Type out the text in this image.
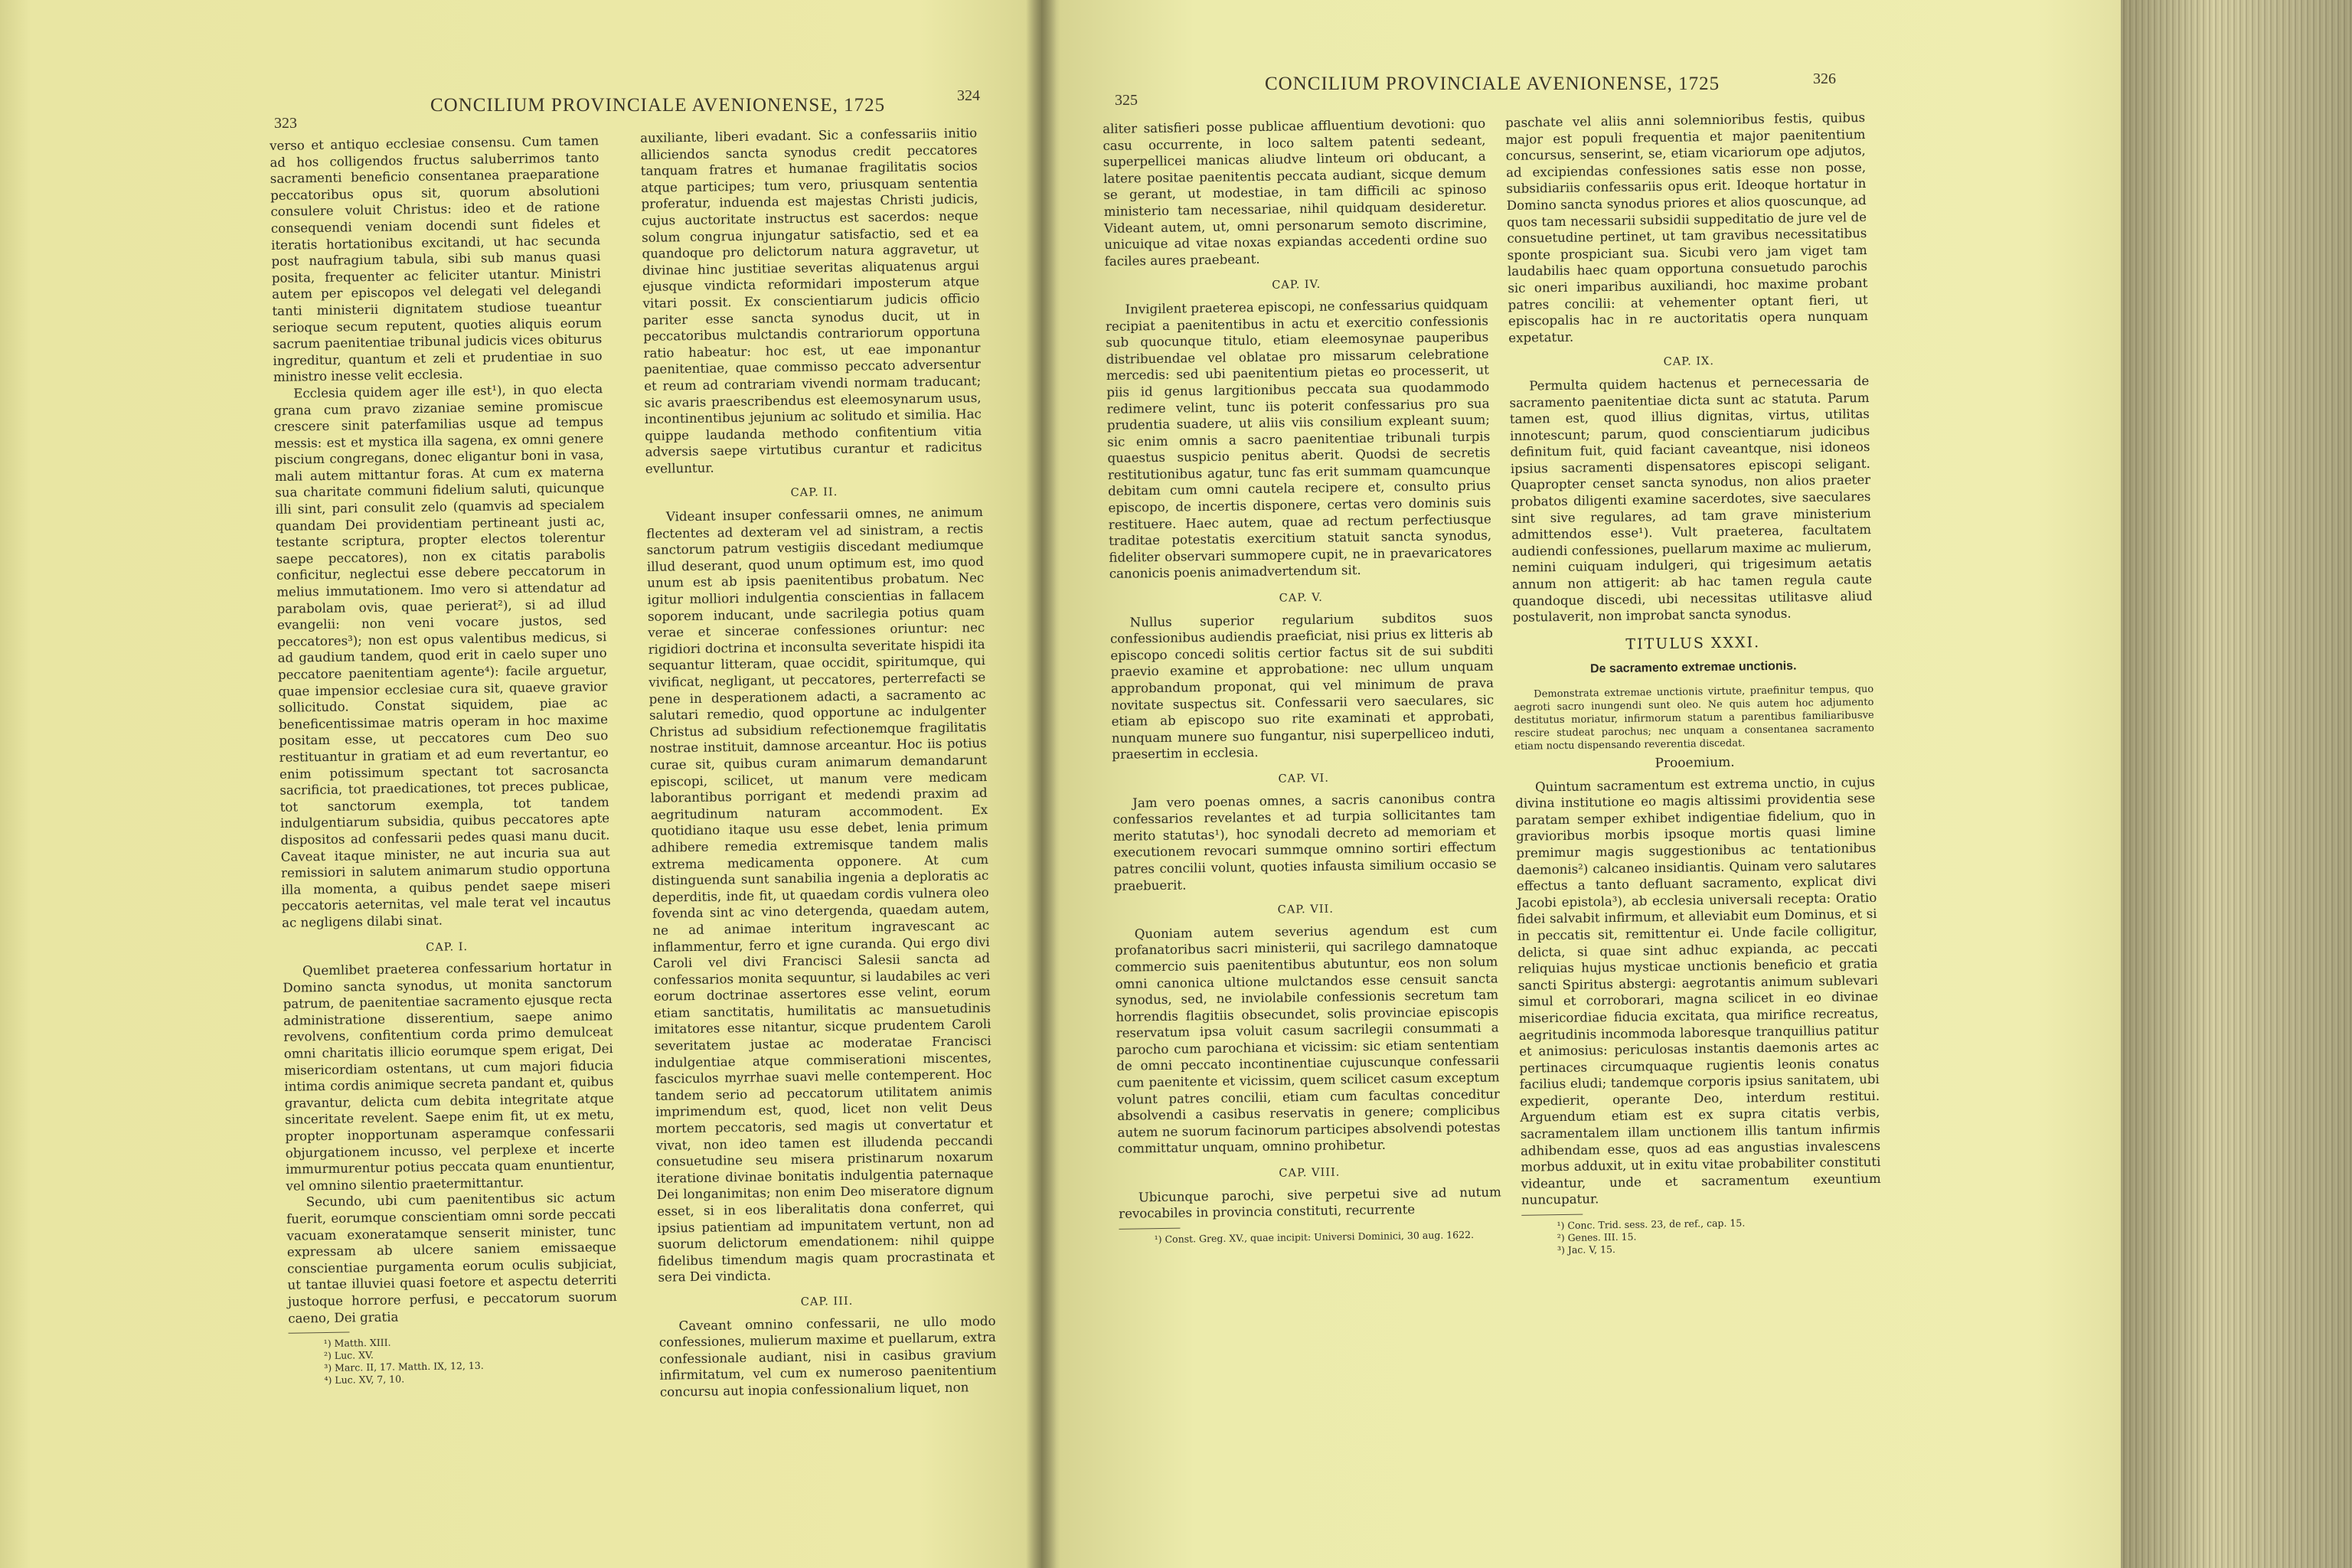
323
CONCILIUM PROVINCIALE AVENIONENSE, 1725	324

verso et antiquo ecclesiae consensu. Cum tamen ad hos colligendos fructus saluberrimos tanto sacramenti beneficio consentanea praeparatione peccatoribus opus sit, quorum absolutioni consulere voluit Christus: ideo et de ratione consequendi veniam docendi sunt fideles et iteratis hortationibus excitandi, ut hac secunda post naufragium tabula, sibi sub manus quasi posita, frequenter ac feliciter utantur. Ministri autem per episcopos vel delegati vel delegandi tanti ministerii dignitatem studiose tueantur serioque secum reputent, quoties aliquis eorum sacrum paenitentiae tribunal judicis vices obiturus ingreditur, quantum et zeli et prudentiae in suo ministro inesse velit ecclesia.

Ecclesia quidem ager ille est¹), in quo electa grana cum pravo zizaniae semine promiscue crescere sinit paterfamilias usque ad tempus messis: est et mystica illa sagena, ex omni genere piscium congregans, donec eligantur boni in vasa, mali autem mittantur foras. At cum ex materna sua charitate communi fidelium saluti, quicunque illi sint, pari consulit zelo (quamvis ad specialem quandam Dei providentiam pertineant justi ac, testante scriptura, propter electos tolerentur saepe peccatores), non ex citatis parabolis conficitur, neglectui esse debere peccatorum in melius immutationem. Imo vero si attendatur ad parabolam ovis, quae perierat²), si ad illud evangelii: non veni vocare justos, sed peccatores³); non est opus valentibus medicus, si ad gaudium tandem, quod erit in caelo super uno peccatore paenitentiam agente⁴): facile arguetur, quae impensior ecclesiae cura sit, quaeve gravior sollicitudo. Constat siquidem, piae ac beneficentissimae matris operam in hoc maxime positam esse, ut peccatores cum Deo suo restituantur in gratiam et ad eum revertantur, eo enim potissimum spectant tot sacrosancta sacrificia, tot praedicationes, tot preces publicae, tot sanctorum exempla, tot tandem indulgentiarum subsidia, quibus peccatores apte dispositos ad confessarii pedes quasi manu ducit. Caveat itaque minister, ne aut incuria sua aut remissiori in salutem animarum studio opportuna illa momenta, a quibus pendet saepe miseri peccatoris aeternitas, vel male terat vel incautus ac negligens dilabi sinat.

CAP. I.

Quemlibet praeterea confessarium hortatur in Domino sancta synodus, ut monita sanctorum patrum, de paenitentiae sacramento ejusque recta administratione disserentium, saepe animo revolvens, confitentium corda primo demulceat omni charitatis illicio eorumque spem erigat, Dei misericordiam ostentans, ut cum majori fiducia intima cordis animique secreta pandant et, quibus gravantur, delicta cum debita integritate atque sinceritate revelent. Saepe enim fit, ut ex metu, propter inopportunam asperamque confessarii objurgationem incusso, vel perplexe et incerte immurmurentur potius peccata quam enuntientur, vel omnino silentio praetermittantur.

Secundo, ubi cum paenitentibus sic actum fuerit, eorumque conscientiam omni sorde peccati vacuam exoneratamque senserit minister, tunc expressam ab ulcere saniem emissaeque conscientiae purgamenta eorum oculis subjiciat, ut tantae illuviei quasi foetore et aspectu deterriti justoque horrore perfusi, e peccatorum suorum caeno, Dei gratia

¹) Matth. XIII.

²) Luc. XV.

³) Marc. II, 17. Matth. IX, 12, 13.

⁴) Luc. XV, 7, 10.

auxiliante, liberi evadant. Sic a confessariis initio alliciendos sancta synodus credit peccatores tanquam fratres et humanae fragilitatis socios atque participes; tum vero, priusquam sententia proferatur, induenda est majestas Christi judicis, cujus auctoritate instructus est sacerdos: neque solum congrua injungatur satisfactio, sed et ea quandoque pro delictorum natura aggravetur, ut divinae hinc justitiae severitas aliquatenus argui ejusque vindicta reformidari imposterum atque vitari possit. Ex conscientiarum judicis officio pariter esse sancta synodus ducit, ut in peccatoribus mulctandis contrariorum opportuna ratio habeatur: hoc est, ut eae imponantur paenitentiae, quae commisso peccato adversentur et reum ad contrariam vivendi normam traducant; sic avaris praescribendus est eleemosynarum usus, incontinentibus jejunium ac solitudo et similia. Hac quippe laudanda methodo confitentium vitia adversis saepe virtutibus curantur et radicitus evelluntur.

CAP. II.

Videant insuper confessarii omnes, ne animum flectentes ad dexteram vel ad sinistram, a rectis sanctorum patrum vestigiis discedant mediumque illud deserant, quod unum optimum est, imo quod unum est ab ipsis paenitentibus probatum. Nec igitur molliori indulgentia conscientias in fallacem soporem inducant, unde sacrilegia potius quam verae et sincerae confessiones oriuntur: nec rigidiori doctrina et inconsulta severitate hispidi ita sequantur litteram, quae occidit, spiritumque, qui vivificat, negligant, ut peccatores, perterrefacti se pene in desperationem adacti, a sacramento ac salutari remedio, quod opportune ac indulgenter Christus ad subsidium refectionemque fragilitatis nostrae instituit, damnose arceantur. Hoc iis potius curae sit, quibus curam animarum demandarunt episcopi, scilicet, ut manum vere medicam laborantibus porrigant et medendi praxim ad aegritudinum naturam accommodent. Ex quotidiano itaque usu esse debet, lenia primum adhibere remedia extremisque tandem malis extrema medicamenta opponere. At cum distinguenda sunt sanabilia ingenia a deploratis ac deperditis, inde fit, ut quaedam cordis vulnera oleo fovenda sint ac vino detergenda, quaedam autem, ne ad animae interitum ingravescant ac inflammentur, ferro et igne curanda. Qui ergo divi Caroli vel divi Francisci Salesii sancta ad confessarios monita sequuntur, si laudabiles ac veri eorum doctrinae assertores esse velint, eorum etiam sanctitatis, humilitatis ac mansuetudinis imitatores esse nitantur, sicque prudentem Caroli severitatem justae ac moderatae Francisci indulgentiae atque commiserationi miscentes, fasciculos myrrhae suavi melle contemperent. Hoc tandem serio ad peccatorum utilitatem animis imprimendum est, quod, licet non velit Deus mortem peccatoris, sed magis ut convertatur et vivat, non ideo tamen est illudenda peccandi consuetudine seu misera pristinarum noxarum iteratione divinae bonitatis indulgentia paternaque Dei longanimitas; non enim Deo miseratore dignum esset, si in eos liberalitatis dona conferret, qui ipsius patientiam ad impunitatem vertunt, non ad suorum delictorum emendationem: nihil quippe fidelibus timendum magis quam procrastinata et sera Dei vindicta.

CAP. III.

Caveant omnino confessarii, ne ullo modo confessiones, mulierum maxime et puellarum, extra confessionale audiant, nisi in casibus gravium infirmitatum, vel cum ex numeroso paenitentium concursu aut inopia confessionalium liquet, non

325
CONCILIUM PROVINCIALE AVENIONENSE, 1725	326

aliter satisfieri posse publicae affluentium devotioni: quo casu occurrente, in loco saltem patenti sedeant, superpellicei manicas aliudve linteum ori obducant, a latere positae paenitentis peccata audiant, sicque demum se gerant, ut modestiae, in tam difficili ac spinoso ministerio tam necessariae, nihil quidquam desideretur. Videant autem, ut, omni personarum semoto discrimine, unicuique ad vitae noxas expiandas accedenti ordine suo faciles aures praebeant.

CAP. IV.

Invigilent praeterea episcopi, ne confessarius quidquam recipiat a paenitentibus in actu et exercitio confessionis sub quocunque titulo, etiam eleemosynae pauperibus distribuendae vel oblatae pro missarum celebratione mercedis: sed ubi paenitentium pietas eo processerit, ut piis id genus largitionibus peccata sua quodammodo redimere velint, tunc iis poterit confessarius pro sua prudentia suadere, ut aliis viis consilium expleant suum; sic enim omnis a sacro paenitentiae tribunali turpis quaestus suspicio penitus aberit. Quodsi de secretis restitutionibus agatur, tunc fas erit summam quamcunque debitam cum omni cautela recipere et, consulto prius episcopo, de incertis disponere, certas vero dominis suis restituere. Haec autem, quae ad rectum perfectiusque traditae potestatis exercitium statuit sancta synodus, fideliter observari summopere cupit, ne in praevaricatores canonicis poenis animadvertendum sit.

CAP. V.

Nullus superior regularium subditos suos confessionibus audiendis praeficiat, nisi prius ex litteris ab episcopo concedi solitis certior factus sit de sui subditi praevio examine et approbatione: nec ullum unquam approbandum proponat, qui vel minimum de prava novitate suspectus sit. Confessarii vero saeculares, sic etiam ab episcopo suo rite examinati et approbati, nunquam munere suo fungantur, nisi superpelliceo induti, praesertim in ecclesia.

CAP. VI.

Jam vero poenas omnes, a sacris canonibus contra confessarios revelantes et ad turpia sollicitantes tam merito statutas¹), hoc synodali decreto ad memoriam et executionem revocari summque omnino sortiri effectum patres concilii volunt, quoties infausta similium occasio se praebuerit.

CAP. VII.

Quoniam autem severius agendum est cum profanatoribus sacri ministerii, qui sacrilego damnatoque commercio suis paenitentibus abutuntur, eos non solum omni canonica ultione mulctandos esse censuit sancta synodus, sed, ne inviolabile confessionis secretum tam horrendis flagitiis obsecundet, solis provinciae episcopis reservatum ipsa voluit casum sacrilegii consummati a parocho cum parochiana et vicissim: sic etiam sententiam de omni peccato incontinentiae cujuscunque confessarii cum paenitente et vicissim, quem scilicet casum exceptum volunt patres concilii, etiam cum facultas conceditur absolvendi a casibus reservatis in genere; complicibus autem ne suorum facinorum participes absolvendi potestas committatur unquam, omnino prohibetur.

CAP. VIII.

Ubicunque parochi, sive perpetui sive ad nutum revocabiles in provincia constituti, recurrente

¹) Const. Greg. XV., quae incipit: Universi Dominici, 30 aug. 1622.

paschate vel aliis anni solemnioribus festis, quibus major est populi frequentia et major paenitentium concursus, senserint, se, etiam vicariorum ope adjutos, ad excipiendas confessiones satis esse non posse, subsidiariis confessariis opus erit. Ideoque hortatur in Domino sancta synodus priores et alios quoscunque, ad quos tam necessarii subsidii suppeditatio de jure vel de consuetudine pertinet, ut tam gravibus necessitatibus sponte prospiciant sua. Sicubi vero jam viget tam laudabilis haec quam opportuna consuetudo parochis sic oneri imparibus auxiliandi, hoc maxime probant patres concilii: at vehementer optant fieri, ut episcopalis hac in re auctoritatis opera nunquam expetatur.

CAP. IX.

Permulta quidem hactenus et pernecessaria de sacramento paenitentiae dicta sunt ac statuta. Parum tamen est, quod illius dignitas, virtus, utilitas innotescunt; parum, quod conscientiarum judicibus definitum fuit, quid faciant caveantque, nisi idoneos ipsius sacramenti dispensatores episcopi seligant. Quapropter censet sancta synodus, non alios praeter probatos diligenti examine sacerdotes, sive saeculares sint sive regulares, ad tam grave ministerium admittendos esse¹). Vult praeterea, facultatem audiendi confessiones, puellarum maxime ac mulierum, nemini cuiquam indulgeri, qui trigesimum aetatis annum non attigerit: ab hac tamen regula caute quandoque discedi, ubi necessitas utilitasve aliud postulaverit, non improbat sancta synodus.

TITULUS XXXI.
De sacramento extremae unctionis.

Demonstrata extremae unctionis virtute, praefinitur tempus, quo aegroti sacro inungendi sunt oleo. Ne quis autem hoc adjumento destitutus moriatur, infirmorum statum a parentibus familiaribusve rescire studeat parochus; nec unquam a consentanea sacramento etiam noctu dispensando reverentia discedat.

Prooemium.

Quintum sacramentum est extrema unctio, in cujus divina institutione eo magis altissimi providentia sese paratam semper exhibet indigentiae fidelium, quo in gravioribus morbis ipsoque mortis quasi limine premimur magis suggestionibus ac tentationibus daemonis²) calcaneo insidiantis. Quinam vero salutares effectus a tanto defluant sacramento, explicat divi Jacobi epistola³), ab ecclesia universali recepta: Oratio fidei salvabit infirmum, et alleviabit eum Dominus, et si in peccatis sit, remittentur ei. Unde facile colligitur, delicta, si quae sint adhuc expianda, ac peccati reliquias hujus mysticae unctionis beneficio et gratia sancti Spiritus abstergi: aegrotantis animum sublevari simul et corroborari, magna scilicet in eo divinae misericordiae fiducia excitata, qua mirifice recreatus, aegritudinis incommoda laboresque tranquillius patitur et animosius: periculosas instantis daemonis artes ac pertinaces circumquaque rugientis leonis conatus facilius eludi; tandemque corporis ipsius sanitatem, ubi expedierit, operante Deo, interdum restitui. Arguendum etiam est ex supra citatis verbis, sacramentalem illam unctionem illis tantum infirmis adhibendam esse, quos ad eas angustias invalescens morbus adduxit, ut in exitu vitae probabiliter constituti videantur, unde et sacramentum exeuntium nuncupatur.

¹) Conc. Trid. sess. 23, de ref., cap. 15.

²) Genes. III. 15.

³) Jac. V, 15.
